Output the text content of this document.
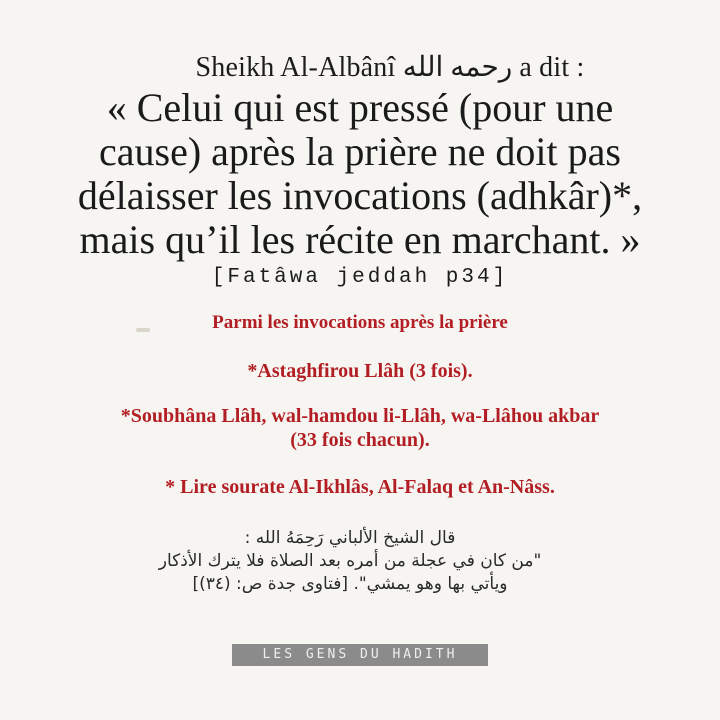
Sheikh Al-Albânî رحمه الله a dit :
« Celui qui est pressé (pour une
cause) après la prière ne doit pas
délaisser les invocations (adhkâr)*,
mais qu’il les récite en marchant. »
[Fatâwa jeddah p34]
Parmi les invocations après la prière
*Astaghfirou Llâh (3 fois).
*Soubhâna Llâh, wal-hamdou li-Llâh, wa-Llâhou akbar
(33 fois chacun).
* Lire sourate Al-Ikhlâs, Al-Falaq et An-Nâss.
قال الشيخ الألباني رَحِمَهُ الله :
"من كان في عجلة من أمره بعد الصلاة فلا يترك الأذكار
ويأتي بها وهو يمشي". [فتاوى جدة ص: (٣٤)]
LES GENS DU HADITH
